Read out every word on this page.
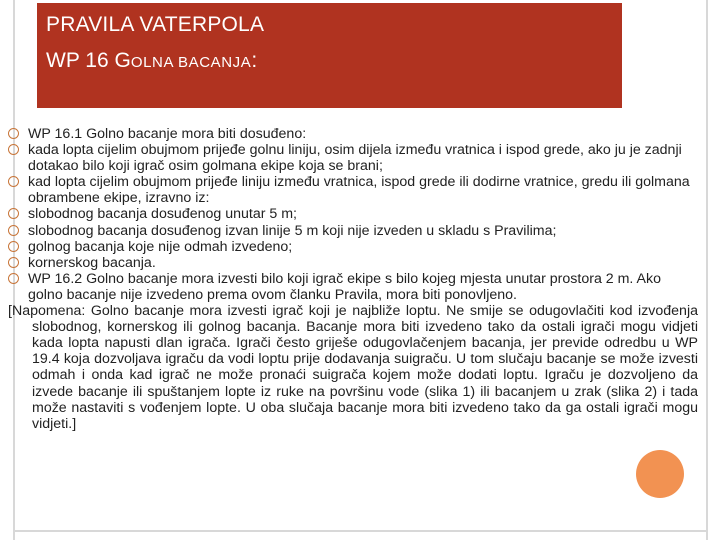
PRAVILA VATERPOLA
WP 16 GOLNA BACANJA:
WP 16.1 Golno bacanje mora biti dosuđeno:
kada lopta cijelim obujmom prijeđe golnu liniju, osim dijela između vratnica i ispod grede, ako ju je zadnji dotakao bilo koji igrač osim golmana ekipe koja se brani;
kad lopta cijelim obujmom prijeđe liniju između vratnica, ispod grede ili dodirne vratnice, gredu ili golmana obrambene ekipe, izravno iz:
slobodnog bacanja dosuđenog unutar 5 m;
slobodnog bacanja dosuđenog izvan linije 5 m koji nije izveden u skladu s Pravilima;
golnog bacanja koje nije odmah izvedeno;
kornerskog bacanja.
WP 16.2 Golno bacanje mora izvesti bilo koji igrač ekipe s bilo kojeg mjesta unutar prostora 2 m. Ako golno bacanje nije izvedeno prema ovom članku Pravila, mora biti ponovljeno.
[Napomena: Golno bacanje mora izvesti igrač koji je najbliže loptu. Ne smije se odugovlačiti kod izvođenja slobodnog, kornerskog ili golnog bacanja. Bacanje mora biti izvedeno tako da ostali igrači mogu vidjeti kada lopta napusti dlan igrača. Igrači često griješe odugovlačenjem bacanja, jer previde odredbu u WP 19.4 koja dozvoljava igraču da vodi loptu prije dodavanja suigraču. U tom slučaju bacanje se može izvesti odmah i onda kad igrač ne može pronaći suigrača kojem može dodati loptu. Igraču je dozvoljeno da izvede bacanje ili spuštanjem lopte iz ruke na površinu vode (slika 1) ili bacanjem u zrak (slika 2) i tada može nastaviti s vođenjem lopte. U oba slučaja bacanje mora biti izvedeno tako da ga ostali igrači mogu vidjeti.]
